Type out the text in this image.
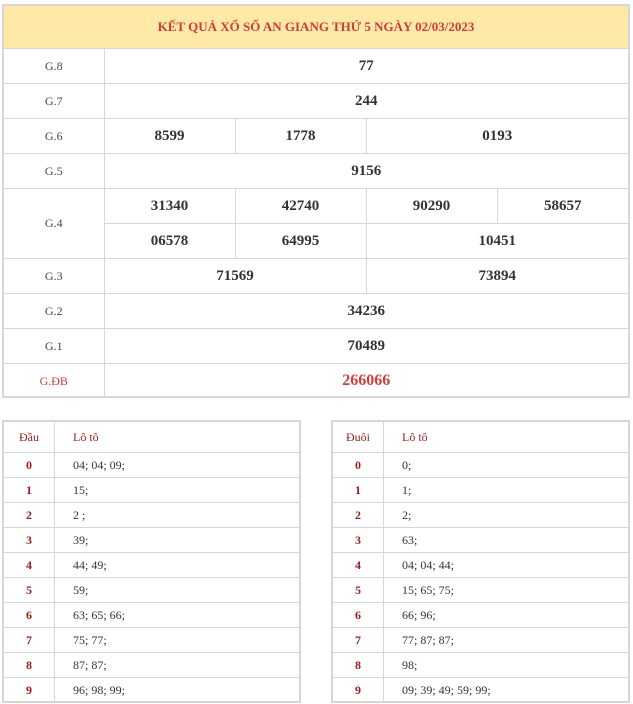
KẾT QUẢ XỔ SỐ AN GIANG THỨ 5 NGÀY 02/03/2023
G.8	77			
G.7	244			
G.6	8599	1778	0193	
G.5	9156			
G.4	31340	42740	90290	58657
	06578	64995	10451	
G.3	71569		73894	
G.2	34236			
G.1	70489			
G.ĐB	266066			
Đầu	Lô tô
0	04; 04; 09;
1	15;
2	2 ;
3	39;
4	44; 49;
5	59;
6	63; 65; 66;
7	75; 77;
8	87; 87;
9	96; 98; 99;
Đuôi	Lô tô
0	0;
1	1;
2	2;
3	63;
4	04; 04; 44;
5	15; 65; 75;
6	66; 96;
7	77; 87; 87;
8	98;
9	09; 39; 49; 59; 99;
